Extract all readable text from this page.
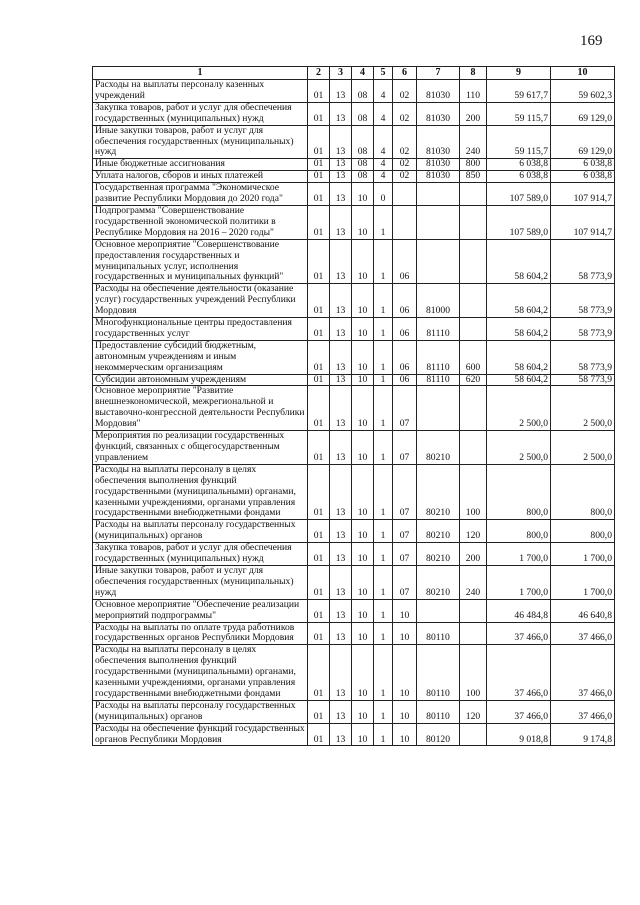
169
1	2	3	4	5	6	7	8	9	10
Расходы на выплаты персоналу казенных учреждений	01	13	08	4	02	81030	110	59 617,7	59 602,3
Закупка товаров, работ и услуг для обеспечения государственных (муниципальных) нужд	01	13	08	4	02	81030	200	59 115,7	69 129,0
Иные закупки товаров, работ и услуг для обеспечения государственных (муниципальных) нужд	01	13	08	4	02	81030	240	59 115,7	69 129,0
Иные бюджетные ассигнования	01	13	08	4	02	81030	800	6 038,8	6 038,8
Уплата налогов, сборов и иных платежей	01	13	08	4	02	81030	850	6 038,8	6 038,8
Государственная программа "Экономическое развитие Республики Мордовия до 2020 года"	01	13	10	0				107 589,0	107 914,7
Подпрограмма "Совершенствование государственной экономической политики в Республике Мордовия на 2016 – 2020 годы"	01	13	10	1				107 589,0	107 914,7
Основное мероприятие "Совершенствование предоставления государственных и муниципальных услуг, исполнения государственных и муниципальных функций"	01	13	10	1	06			58 604,2	58 773,9
Расходы на обеспечение деятельности (оказание услуг) государственных учреждений Республики Мордовия	01	13	10	1	06	81000		58 604,2	58 773,9
Многофункциональные центры предоставления государственных услуг	01	13	10	1	06	81110		58 604,2	58 773,9
Предоставление субсидий бюджетным, автономным учреждениям и иным некоммерческим организациям	01	13	10	1	06	81110	600	58 604,2	58 773,9
Субсидии автономным учреждениям	01	13	10	1	06	81110	620	58 604,2	58 773,9
Основное мероприятие "Развитие внешнеэкономической, межрегиональной и выставочно-конгрессной деятельности Республики Мордовия"	01	13	10	1	07			2 500,0	2 500,0
Мероприятия по реализации государственных функций, связанных с общегосударственным управлением	01	13	10	1	07	80210		2 500,0	2 500,0
Расходы на выплаты персоналу в целях обеспечения выполнения функций государственными (муниципальными) органами, казенными учреждениями, органами управления государственными внебюджетными фондами	01	13	10	1	07	80210	100	800,0	800,0
Расходы на выплаты персоналу государственных (муниципальных) органов	01	13	10	1	07	80210	120	800,0	800,0
Закупка товаров, работ и услуг для обеспечения государственных (муниципальных) нужд	01	13	10	1	07	80210	200	1 700,0	1 700,0
Иные закупки товаров, работ и услуг для обеспечения государственных (муниципальных) нужд	01	13	10	1	07	80210	240	1 700,0	1 700,0
Основное мероприятие "Обеспечение реализации мероприятий подпрограммы"	01	13	10	1	10			46 484,8	46 640,8
Расходы на выплаты по оплате труда работников государственных органов Республики Мордовия	01	13	10	1	10	80110		37 466,0	37 466,0
Расходы на выплаты персоналу в целях обеспечения выполнения функций государственными (муниципальными) органами, казенными учреждениями, органами управления государственными внебюджетными фондами	01	13	10	1	10	80110	100	37 466,0	37 466,0
Расходы на выплаты персоналу государственных (муниципальных) органов	01	13	10	1	10	80110	120	37 466,0	37 466,0
Расходы на обеспечение функций государственных органов Республики Мордовия	01	13	10	1	10	80120		9 018,8	9 174,8
